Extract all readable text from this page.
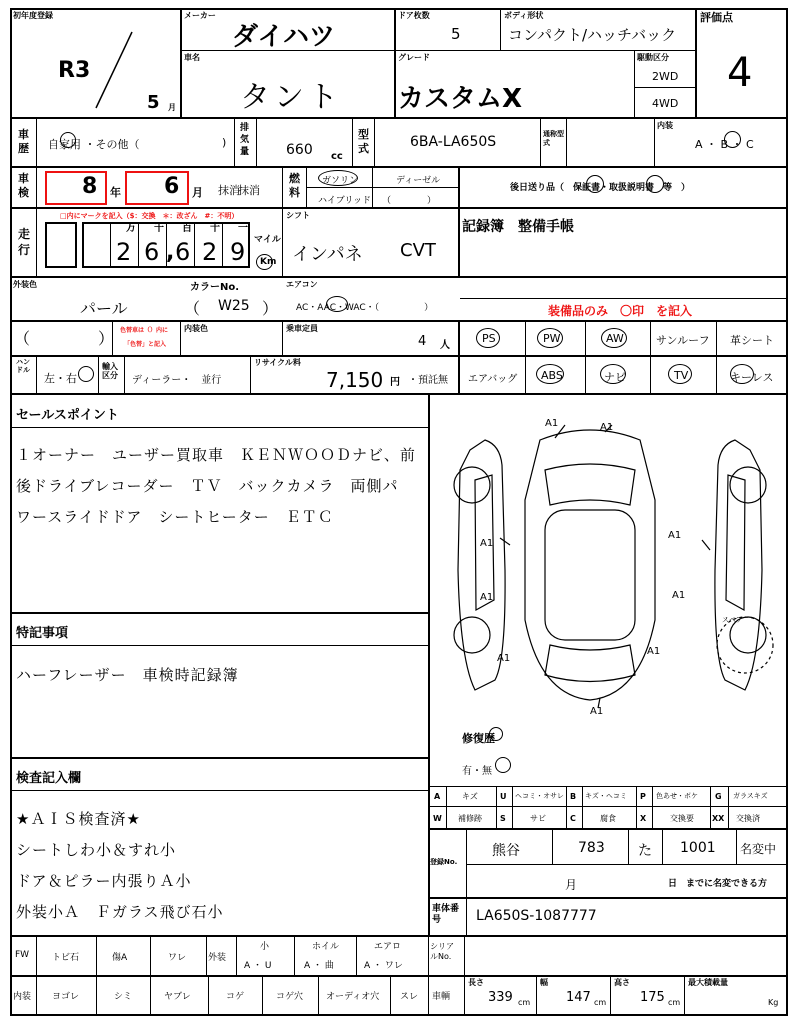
初年度登録
R3
5 月
メーカー
ダイハツ
ドア枚数
5
ボディ形状
コンパクト/ハッチバック
評価点
4
車名
タント
グレード
カスタムX
駆動区分
2WD
4WD
車歴 自家用 ・その他（	)
排気量	660 cc
型式	6BA-LA650S	通称型式
内装
A ・ B ・ C
車検 8 年 6 月 抹消
抹消
燃料
ガソリン	ディーゼル
ハイブリッド （　　　　）
後日送り品（　保証書・取扱説明書　等　）
走行
□内にマークを記入（$：交換　＊：改ざん　#：不明）
万 千 百 十 一
2 6 , 6 2 9 マイル
Km
シフト
インパネ CVT
記録簿　整備手帳
外装色
パール
カラーNo.
（ W25 ）
エアコン
AC・AAC・WAC・（　　　　　）	装備品のみ　〇印　を記入
（	） 色替車は（）内に
「色替」と記入
内装色	乗車定員
4 人
PS	PW	AW	サンルーフ 革シート
ハンドル
左・右 ○ 輸入区分	ディーラー・　並行
リサイクル料
7,150 円 ・預託無 エアバッグ ABS	ナビ	TV	キーレス
セールスポイント
１オーナー　ユーザー買取車　ＫＥＮＷＯＯＤナビ、前
後ドライブレコーダー　ＴＶ　バックカメラ　両側パ
ワースライドドア　シートヒーター　ＥＴＣ
特記事項
ハーフレーザー　車検時記録簿
検査記入欄
★ＡＩＳ検査済★
シートしわ小＆すれ小
ドア＆ピラー内張りＡ小
外装小Ａ　Ｆガラス飛び石小
A1	A1
A1
A1
A1	A1
A1
A1
A1
スペア
修復歴
有・無
A	キズ	U ヘコミ・オサレ B キズ・ヘコミ P 色あせ・ボケ G ガラスキズ
W 補修跡 S	サビ	C	腐食	X	交換要 XX 交換済
登録No.
熊谷	783 た 1001 名変中
月	日　までに名変できる方
車体番号	LA650S-1087777
FW	トビ石	傷A	ワレ 外装
小	ホイル	エアロ
A ・ U	A ・ 曲	A ・ ワレ
シリアルNo.
内装 ヨゴレ	シミ	ヤブレ	コゲ	コゲ穴	オーディオ穴 スレ 車輌
長さ
339 cm
幅
147 cm
高さ
175 cm
最大積載量
Kg
